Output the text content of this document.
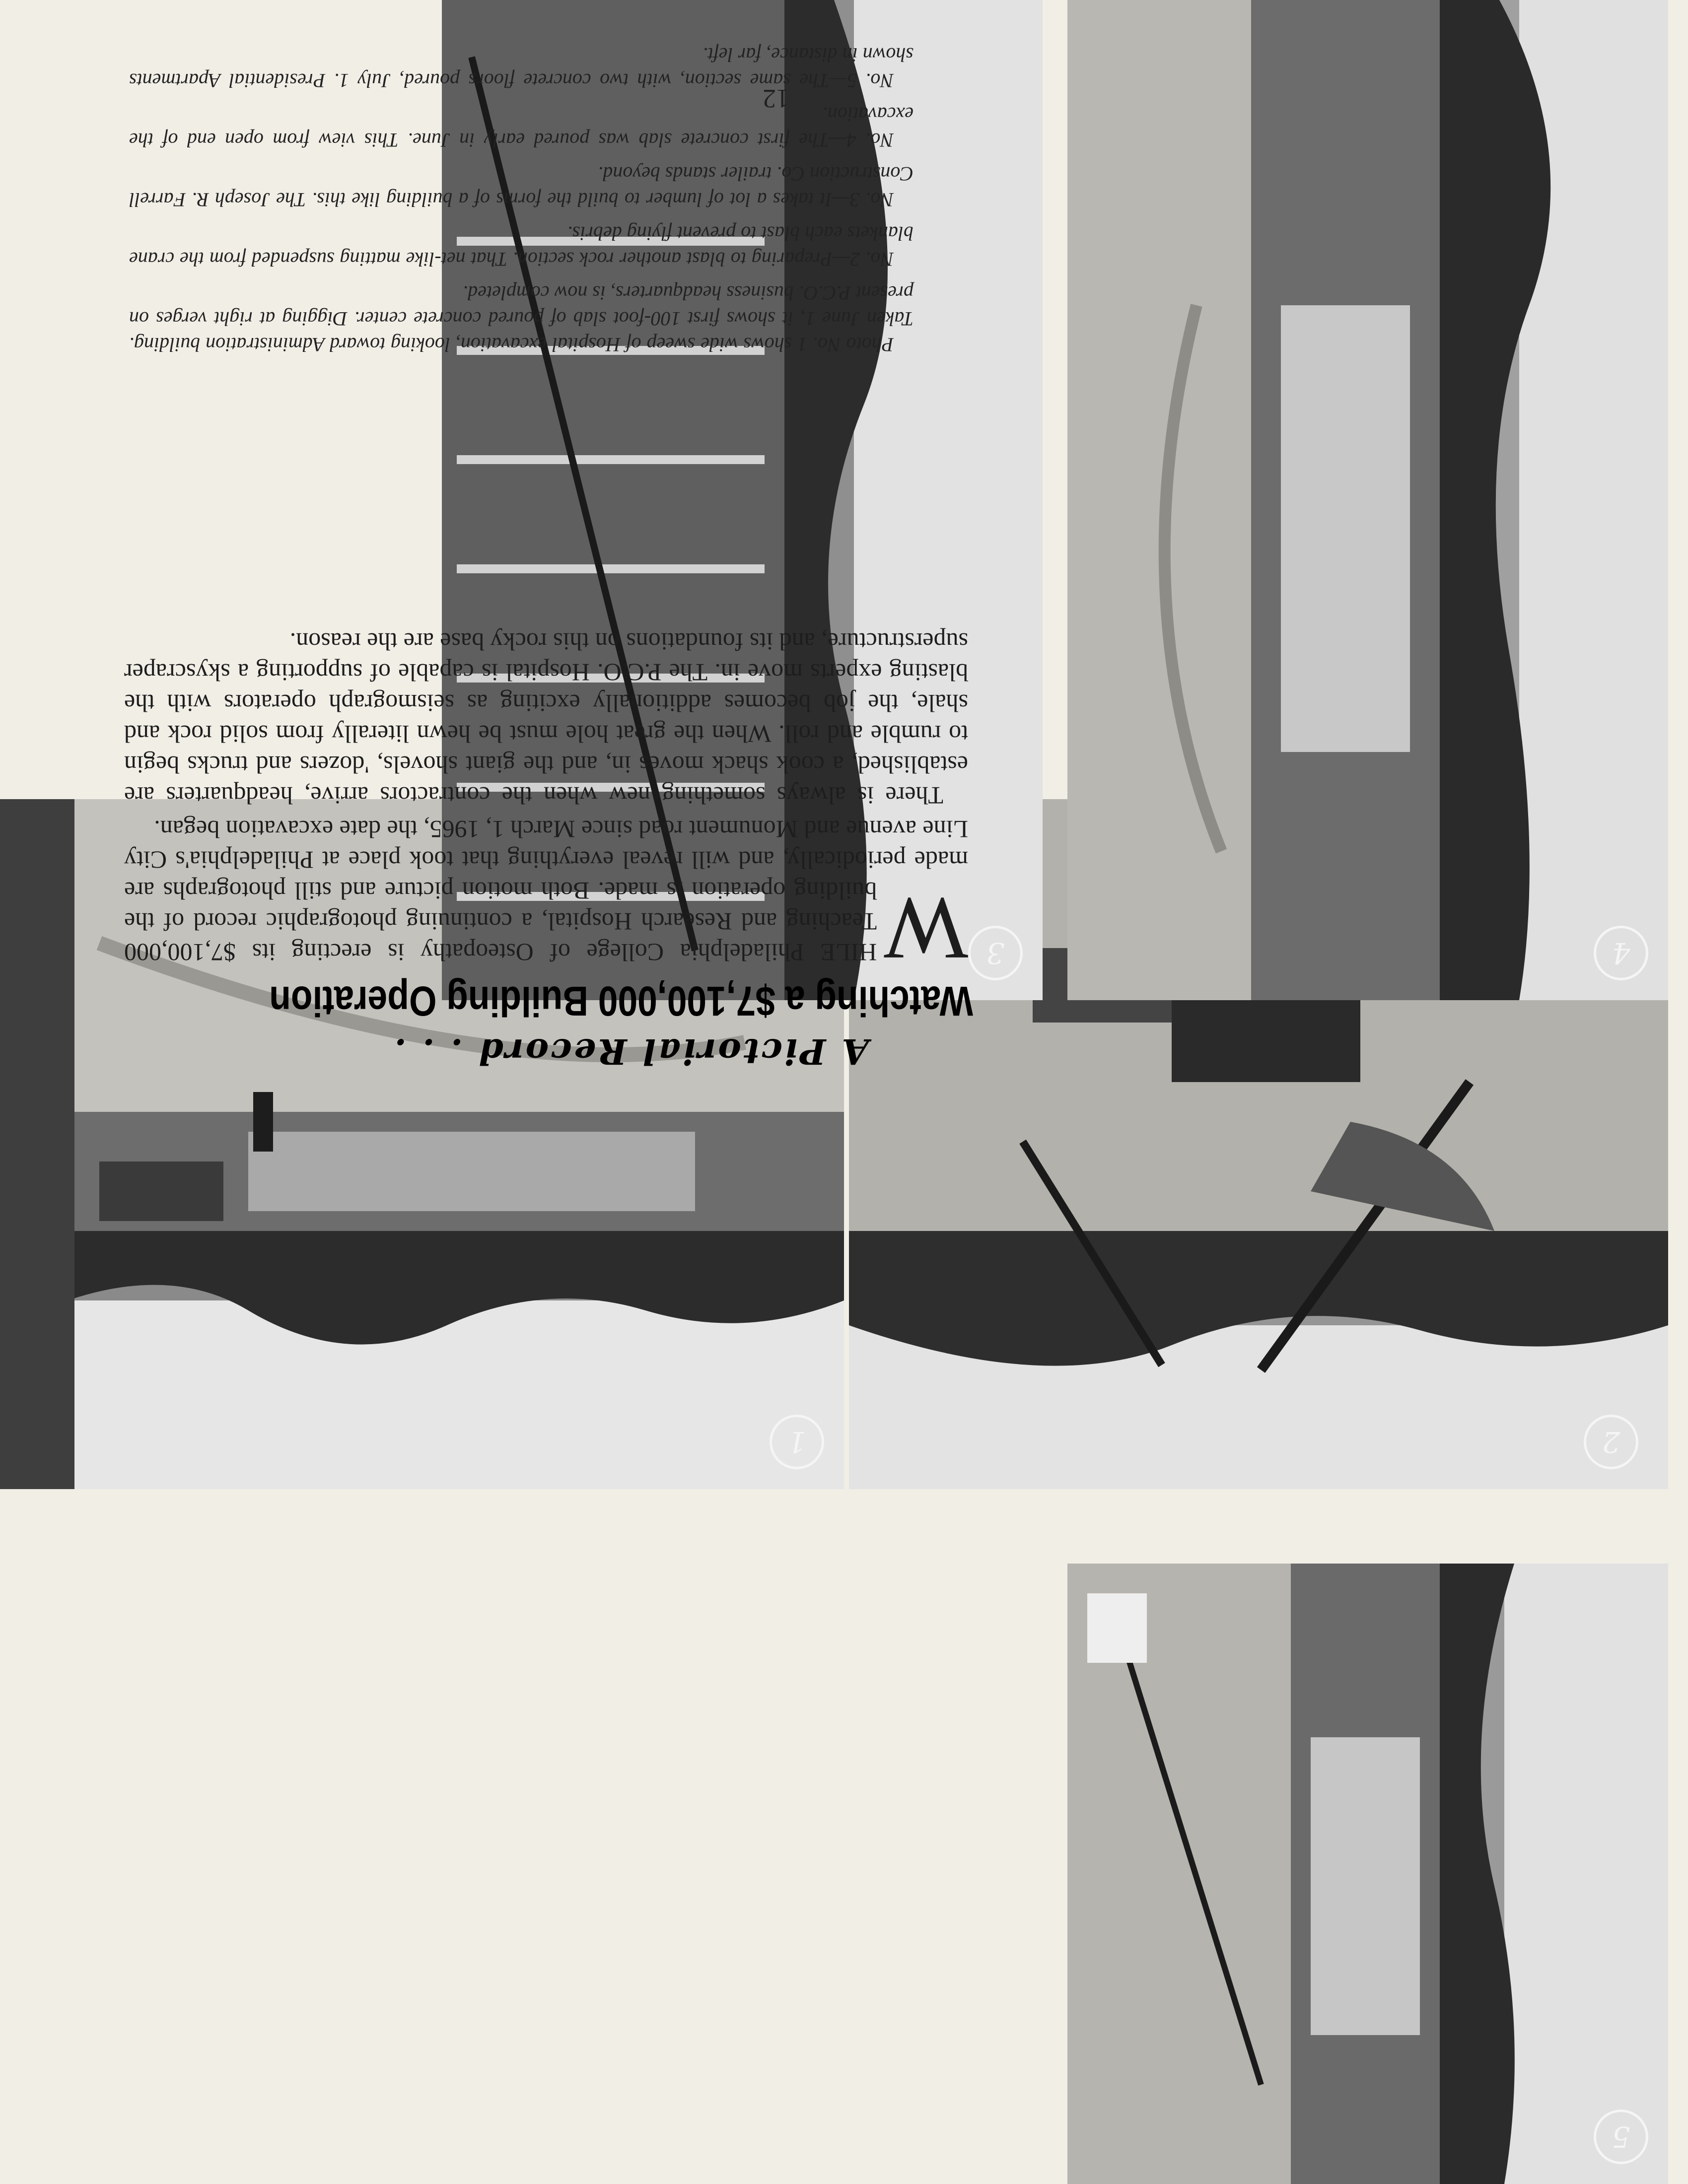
1	2
3	4
5
A Pictorial Record . . .
Watching a $7,100,000 Building Operation

W
HILE Philadelphia College of Osteopathy is erecting its $7,100,000 Teaching and Research Hospital, a continuing photographic record of the building operation is made. Both motion picture and still photographs are made periodically, and will reveal everything that took place at Philadelphia's City Line avenue and Monument road since March 1, 1965, the date excavation began.

There is always something new when the contractors arrive, headquarters are established, a cook shack moves in, and the giant shovels, 'dozers and trucks begin to rumble and roll. When the great hole must be hewn literally from solid rock and shale, the job becomes additionally exciting as seismograph operators with the blasting experts move in. The P.C.O. Hospital is capable of supporting a skyscraper superstructure, and its foundations on this rocky base are the reason.

Photo No. 1 shows wide sweep of Hospital excavation, looking toward Administration building. Taken June 1, it shows first 100-foot slab of poured concrete center. Digging at right verges on present P.C.O. business headquarters, is now completed.

No. 2—Preparing to blast another rock section. That net-like matting suspended from the crane blankets each blast to prevent flying debris.

No. 3—It takes a lot of lumber to build the forms of a building like this. The Joseph R. Farrell Construction Co. trailer stands beyond.

No. 4—The first concrete slab was poured early in June. This view from open end of the excavation.

No. 5—The same section, with two concrete floors poured, July 1. Presidential Apartments shown in distance, far left.

12
